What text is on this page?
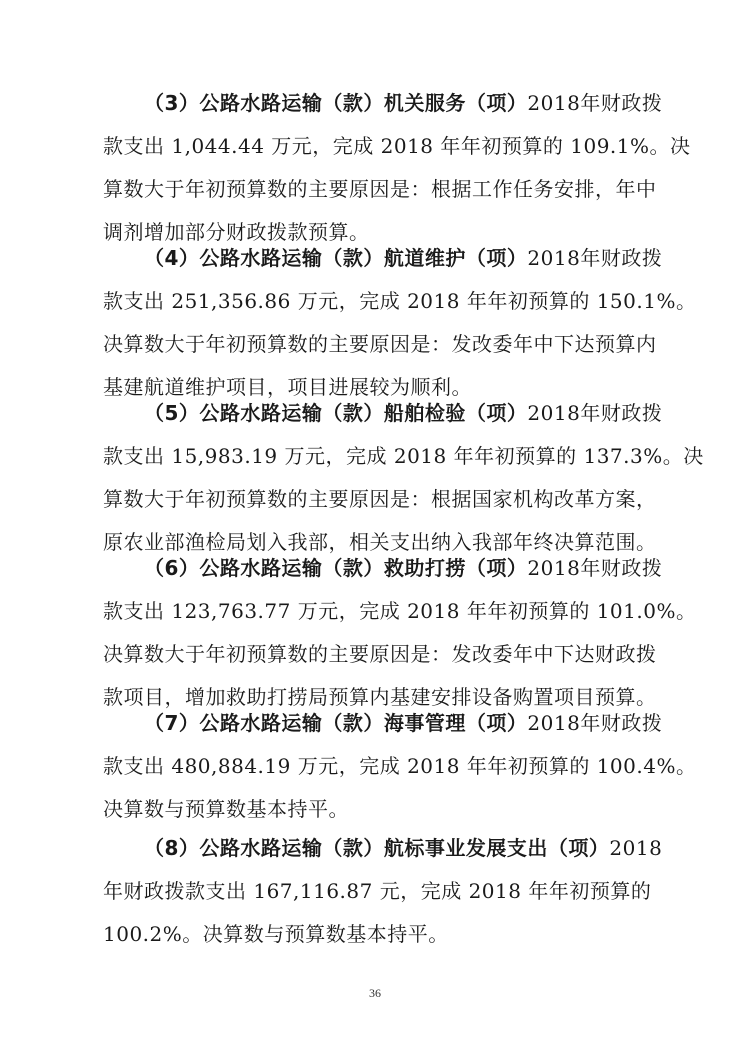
（3）公路水路运输（款）机关服务（项）2018年财政拨
款支出 1,044.44 万元，完成 2018 年年初预算的 109.1%。决
算数大于年初预算数的主要原因是：根据工作任务安排，年中
调剂增加部分财政拨款预算。
（4）公路水路运输（款）航道维护（项）2018年财政拨
款支出 251,356.86 万元，完成 2018 年年初预算的 150.1%。
决算数大于年初预算数的主要原因是：发改委年中下达预算内
基建航道维护项目，项目进展较为顺利。
（5）公路水路运输（款）船舶检验（项）2018年财政拨
款支出 15,983.19 万元，完成 2018 年年初预算的 137.3%。决
算数大于年初预算数的主要原因是：根据国家机构改革方案，
原农业部渔检局划入我部，相关支出纳入我部年终决算范围。
（6）公路水路运输（款）救助打捞（项）2018年财政拨
款支出 123,763.77 万元，完成 2018 年年初预算的 101.0%。
决算数大于年初预算数的主要原因是：发改委年中下达财政拨
款项目，增加救助打捞局预算内基建安排设备购置项目预算。
（7）公路水路运输（款）海事管理（项）2018年财政拨
款支出 480,884.19 万元，完成 2018 年年初预算的 100.4%。
决算数与预算数基本持平。
（8）公路水路运输（款）航标事业发展支出（项）2018
年财政拨款支出 167,116.87 元，完成 2018 年年初预算的
100.2%。决算数与预算数基本持平。
36
